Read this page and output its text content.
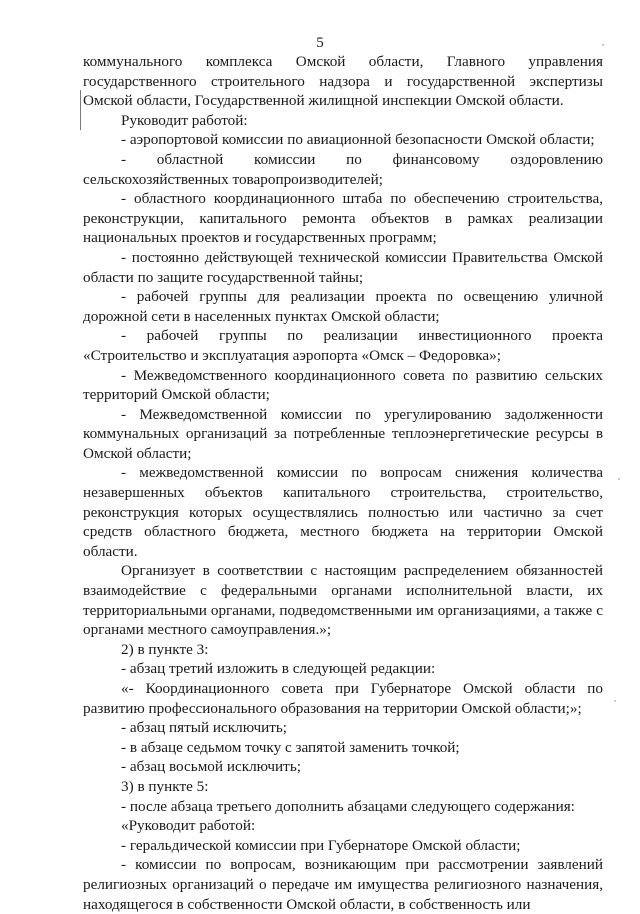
5

коммунального комплекса Омской области, Главного управления государственного строительного надзора и государственной экспертизы Омской области, Государственной жилищной инспекции Омской области.

Руководит работой:

- аэропортовой комиссии по авиационной безопасности Омской области;

- областной комиссии по финансовому оздоровлению сельскохозяйственных товаропроизводителей;

- областного координационного штаба по обеспечению строительства, реконструкции, капитального ремонта объектов в рамках реализации национальных проектов и государственных программ;

- постоянно действующей технической комиссии Правительства Омской области по защите государственной тайны;

- рабочей группы для реализации проекта по освещению уличной дорожной сети в населенных пунктах Омской области;

- рабочей группы по реализации инвестиционного проекта «Строительство и эксплуатация аэропорта «Омск – Федоровка»;

- Межведомственного координационного совета по развитию сельских территорий Омской области;

- Межведомственной комиссии по урегулированию задолженности коммунальных организаций за потребленные теплоэнергетические ресурсы в Омской области;

- межведомственной комиссии по вопросам снижения количества незавершенных объектов капитального строительства, строительство, реконструкция которых осуществлялись полностью или частично за счет средств областного бюджета, местного бюджета на территории Омской области.

Организует в соответствии с настоящим распределением обязанностей взаимодействие с федеральными органами исполнительной власти, их территориальными органами, подведомственными им организациями, а также с органами местного самоуправления.»;

2) в пункте 3:

- абзац третий изложить в следующей редакции:

«- Координационного совета при Губернаторе Омской области по развитию профессионального образования на территории Омской области;»;

- абзац пятый исключить;

- в абзаце седьмом точку с запятой заменить точкой;

- абзац восьмой исключить;

3) в пункте 5:

- после абзаца третьего дополнить абзацами следующего содержания:

«Руководит работой:

- геральдической комиссии при Губернаторе Омской области;

- комиссии по вопросам, возникающим при рассмотрении заявлений религиозных организаций о передаче им имущества религиозного назначения, находящегося в собственности Омской области, в собственность или
